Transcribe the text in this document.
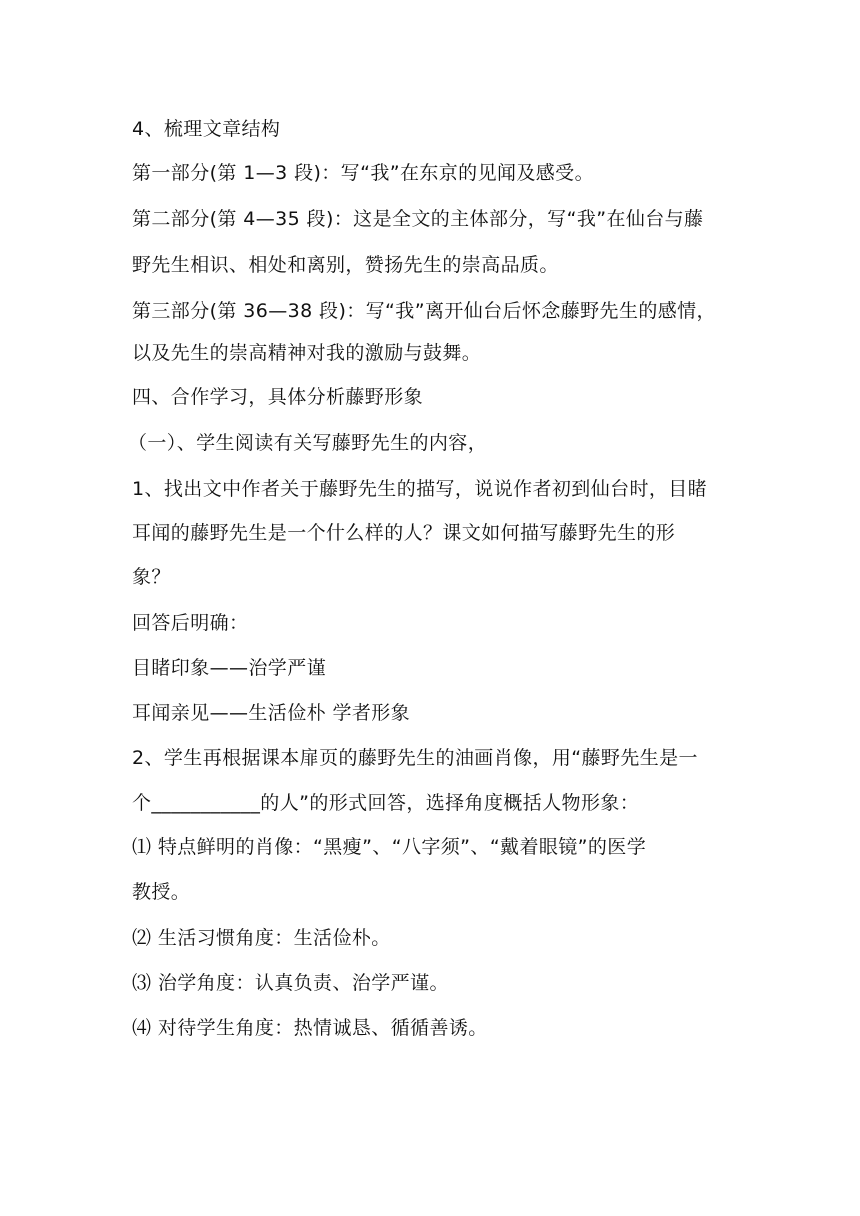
4、梳理文章结构
第一部分(第 1—3 段)：写“我”在东京的见闻及感受。
第二部分(第 4—35 段)：这是全文的主体部分，写“我”在仙台与藤
野先生相识、相处和离别，赞扬先生的崇高品质。
第三部分(第 36—38 段)：写“我”离开仙台后怀念藤野先生的感情，
以及先生的崇高精神对我的激励与鼓舞。
四、合作学习，具体分析藤野形象
（一）、学生阅读有关写藤野先生的内容，
1、找出文中作者关于藤野先生的描写，说说作者初到仙台时，目睹
耳闻的藤野先生是一个什么样的人？课文如何描写藤野先生的形
象？
回答后明确：
目睹印象——治学严谨
耳闻亲见——生活俭朴 学者形象
2、学生再根据课本扉页的藤野先生的油画肖像，用“藤野先生是一
个___________的人”的形式回答，选择角度概括人物形象：
⑴ 特点鲜明的肖像：“黑瘦”、“八字须”、“戴着眼镜”的医学
教授。
⑵ 生活习惯角度：生活俭朴。
⑶ 治学角度：认真负责、治学严谨。
⑷ 对待学生角度：热情诚恳、循循善诱。
